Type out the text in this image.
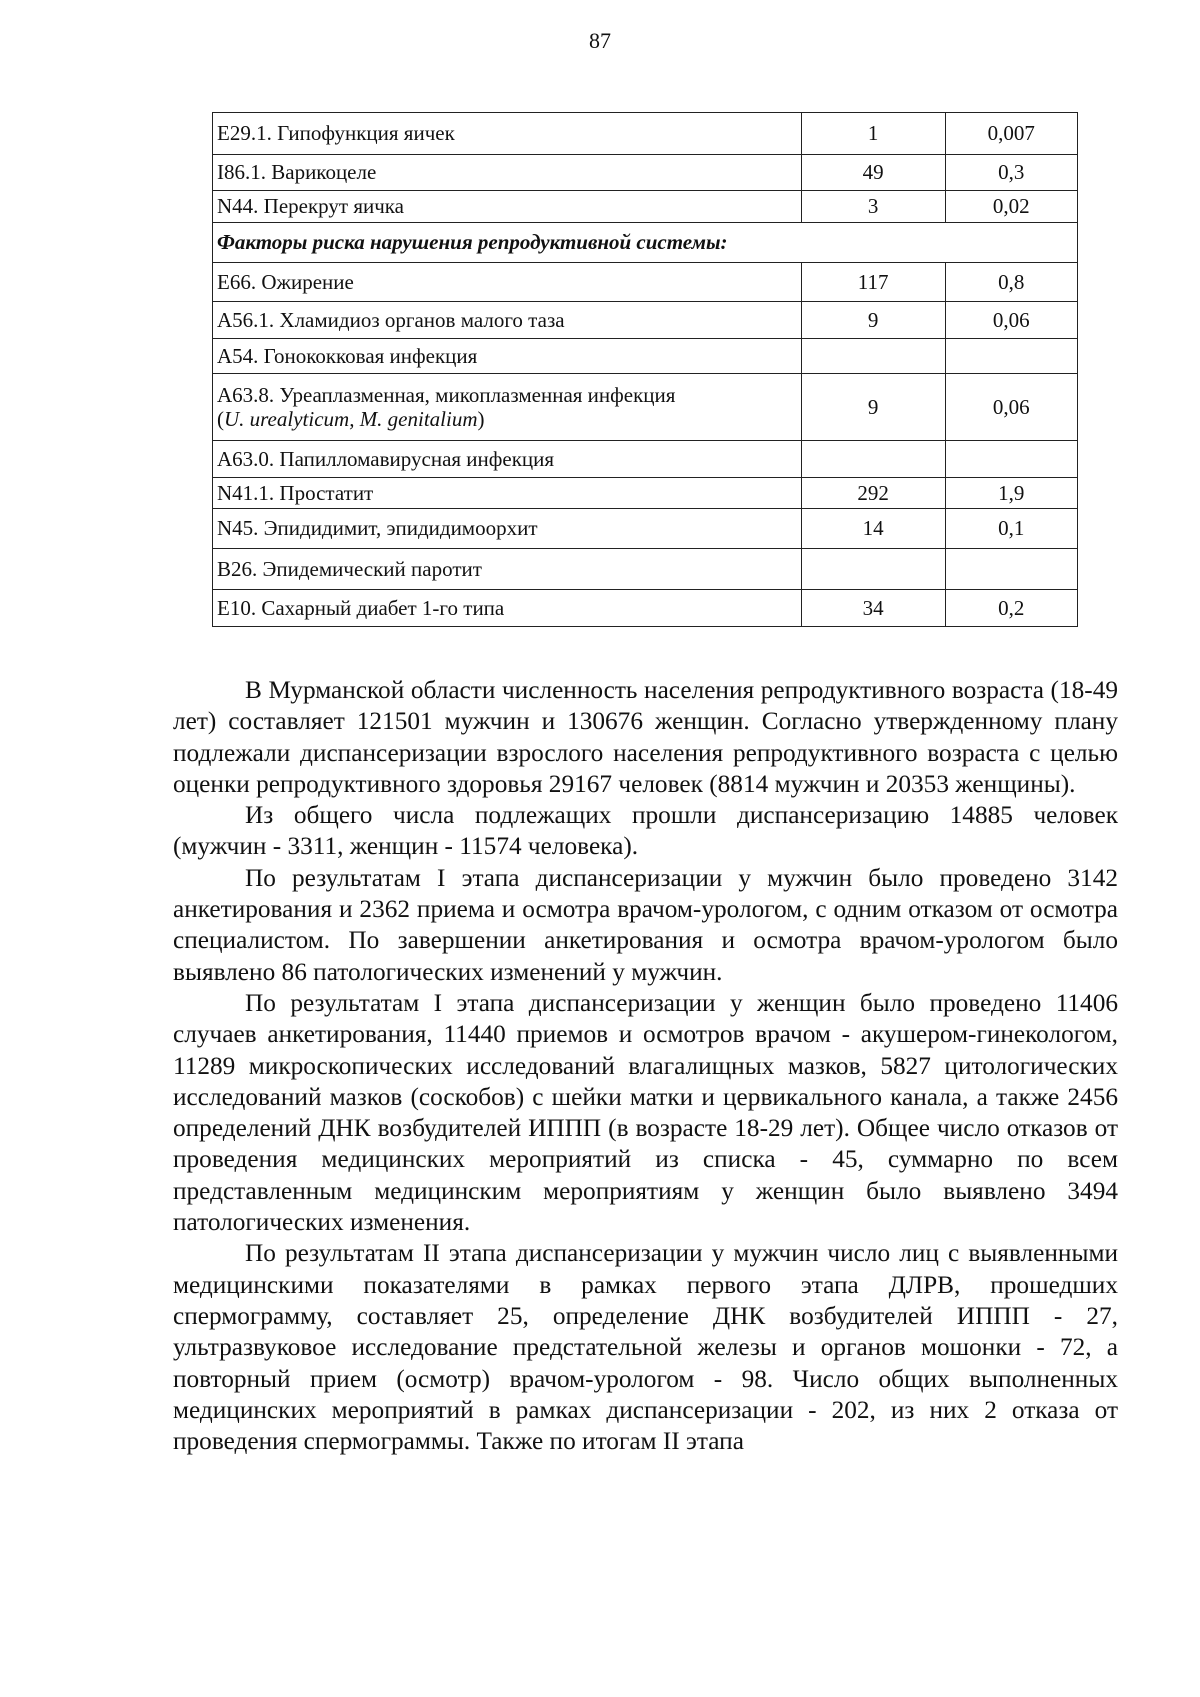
87
E29.1. Гипофункция яичек	1	0,007
I86.1. Варикоцеле	49	0,3
N44. Перекрут яичка	3	0,02
Факторы риска нарушения репродуктивной системы:		
E66. Ожирение	117	0,8
A56.1. Хламидиоз органов малого таза	9	0,06
A54. Гонококковая инфекция		
A63.8. Уреаплазменная, микоплазменная инфекция
(U. urealyticum, M. genitalium)	9	0,06
A63.0. Папилломавирусная инфекция		
N41.1. Простатит	292	1,9
N45. Эпидидимит, эпидидимоорхит	14	0,1
B26. Эпидемический паротит		
E10. Сахарный диабет 1-го типа	34	0,2

В Мурманской области численность населения репродуктивного возраста (18-49 лет) составляет 121501 мужчин и 130676 женщин. Согласно утвержденному плану подлежали диспансеризации взрослого населения репродуктивного возраста с целью оценки репродуктивного здоровья 29167 человек (8814 мужчин и 20353 женщины).

Из общего числа подлежащих прошли диспансеризацию 14885 человек (мужчин - 3311, женщин - 11574 человека).

По результатам I этапа диспансеризации у мужчин было проведено 3142 анкетирования и 2362 приема и осмотра врачом-урологом, с одним отказом от осмотра специалистом. По завершении анкетирования и осмотра врачом-урологом было выявлено 86 патологических изменений у мужчин.

По результатам I этапа диспансеризации у женщин было проведено 11406 случаев анкетирования, 11440 приемов и осмотров врачом - акушером-гинекологом, 11289 микроскопических исследований влагалищных мазков, 5827 цитологических исследований мазков (соскобов) с шейки матки и цервикального канала, а также 2456 определений ДНК возбудителей ИППП (в возрасте 18-29 лет). Общее число отказов от проведения медицинских мероприятий из списка - 45, суммарно по всем представленным медицинским мероприятиям у женщин было выявлено 3494 патологических изменения.

По результатам II этапа диспансеризации у мужчин число лиц с выявленными медицинскими показателями в рамках первого этапа ДЛРВ, прошедших спермограмму, составляет 25, определение ДНК возбудителей ИППП - 27, ультразвуковое исследование предстательной железы и органов мошонки - 72, а повторный прием (осмотр) врачом-урологом - 98. Число общих выполненных медицинских мероприятий в рамках диспансеризации - 202, из них 2 отказа от проведения спермограммы. Также по итогам II этапа
